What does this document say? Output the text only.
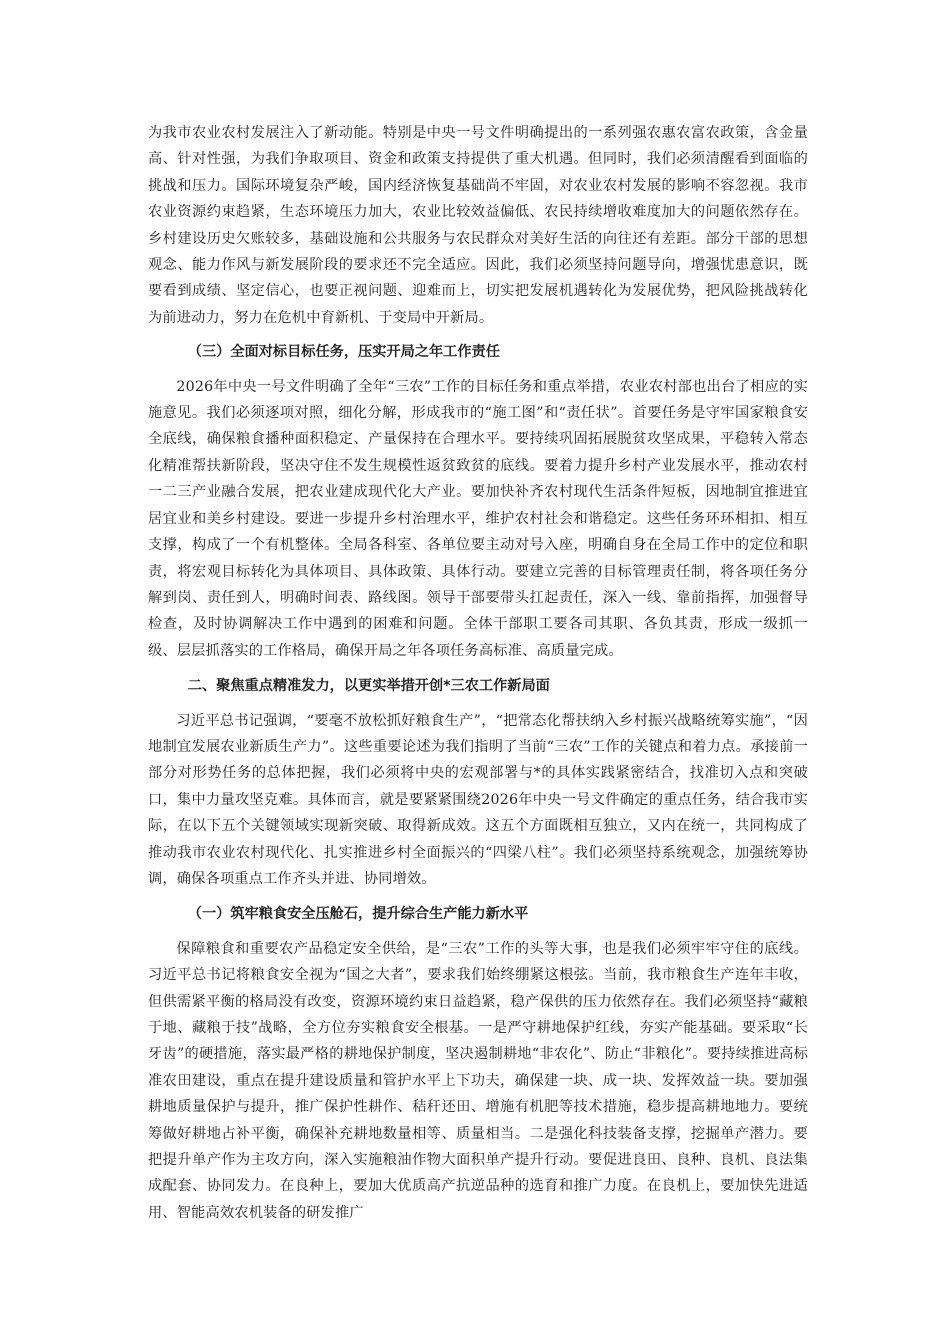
为我市农业农村发展注入了新动能。特别是中央一号文件明确提出的一系列强农惠农富农政策，含金量高、针对性强，为我们争取项目、资金和政策支持提供了重大机遇。但同时，我们必须清醒看到面临的挑战和压力。国际环境复杂严峻，国内经济恢复基础尚不牢固，对农业农村发展的影响不容忽视。我市农业资源约束趋紧，生态环境压力加大，农业比较效益偏低、农民持续增收难度加大的问题依然存在。乡村建设历史欠账较多，基础设施和公共服务与农民群众对美好生活的向往还有差距。部分干部的思想观念、能力作风与新发展阶段的要求还不完全适应。因此，我们必须坚持问题导向，增强忧患意识，既要看到成绩、坚定信心，也要正视问题、迎难而上，切实把发展机遇转化为发展优势，把风险挑战转化为前进动力，努力在危机中育新机、于变局中开新局。

（三）全面对标目标任务，压实开局之年工作责任

2026年中央一号文件明确了全年“三农”工作的目标任务和重点举措，农业农村部也出台了相应的实施意见。我们必须逐项对照，细化分解，形成我市的“施工图”和“责任状”。首要任务是守牢国家粮食安全底线，确保粮食播种面积稳定、产量保持在合理水平。要持续巩固拓展脱贫攻坚成果，平稳转入常态化精准帮扶新阶段，坚决守住不发生规模性返贫致贫的底线。要着力提升乡村产业发展水平，推动农村一二三产业融合发展，把农业建成现代化大产业。要加快补齐农村现代生活条件短板，因地制宜推进宜居宜业和美乡村建设。要进一步提升乡村治理水平，维护农村社会和谐稳定。这些任务环环相扣、相互支撑，构成了一个有机整体。全局各科室、各单位要主动对号入座，明确自身在全局工作中的定位和职责，将宏观目标转化为具体项目、具体政策、具体行动。要建立完善的目标管理责任制，将各项任务分解到岗、责任到人，明确时间表、路线图。领导干部要带头扛起责任，深入一线、靠前指挥，加强督导检查，及时协调解决工作中遇到的困难和问题。全体干部职工要各司其职、各负其责，形成一级抓一级、层层抓落实的工作格局，确保开局之年各项任务高标准、高质量完成。

二、聚焦重点精准发力，以更实举措开创*三农工作新局面

习近平总书记强调，“要毫不放松抓好粮食生产”，“把常态化帮扶纳入乡村振兴战略统筹实施”，“因地制宜发展农业新质生产力”。这些重要论述为我们指明了当前“三农”工作的关键点和着力点。承接前一部分对形势任务的总体把握，我们必须将中央的宏观部署与*的具体实践紧密结合，找准切入点和突破口，集中力量攻坚克难。具体而言，就是要紧紧围绕2026年中央一号文件确定的重点任务，结合我市实际，在以下五个关键领域实现新突破、取得新成效。这五个方面既相互独立，又内在统一，共同构成了推动我市农业农村现代化、扎实推进乡村全面振兴的“四梁八柱”。我们必须坚持系统观念，加强统筹协调，确保各项重点工作齐头并进、协同增效。

（一）筑牢粮食安全压舱石，提升综合生产能力新水平

保障粮食和重要农产品稳定安全供给，是“三农”工作的头等大事，也是我们必须牢牢守住的底线。习近平总书记将粮食安全视为“国之大者”，要求我们始终绷紧这根弦。当前，我市粮食生产连年丰收，但供需紧平衡的格局没有改变，资源环境约束日益趋紧，稳产保供的压力依然存在。我们必须坚持“藏粮于地、藏粮于技”战略，全方位夯实粮食安全根基。一是严守耕地保护红线，夯实产能基础。要采取“长牙齿”的硬措施，落实最严格的耕地保护制度，坚决遏制耕地“非农化”、防止“非粮化”。要持续推进高标准农田建设，重点在提升建设质量和管护水平上下功夫，确保建一块、成一块、发挥效益一块。要加强耕地质量保护与提升，推广保护性耕作、秸秆还田、增施有机肥等技术措施，稳步提高耕地地力。要统筹做好耕地占补平衡，确保补充耕地数量相等、质量相当。二是强化科技装备支撑，挖掘单产潜力。要把提升单产作为主攻方向，深入实施粮油作物大面积单产提升行动。要促进良田、良种、良机、良法集成配套、协同发力。在良种上，要加大优质高产抗逆品种的选育和推广力度。在良机上，要加快先进适用、智能高效农机装备的研发推广
